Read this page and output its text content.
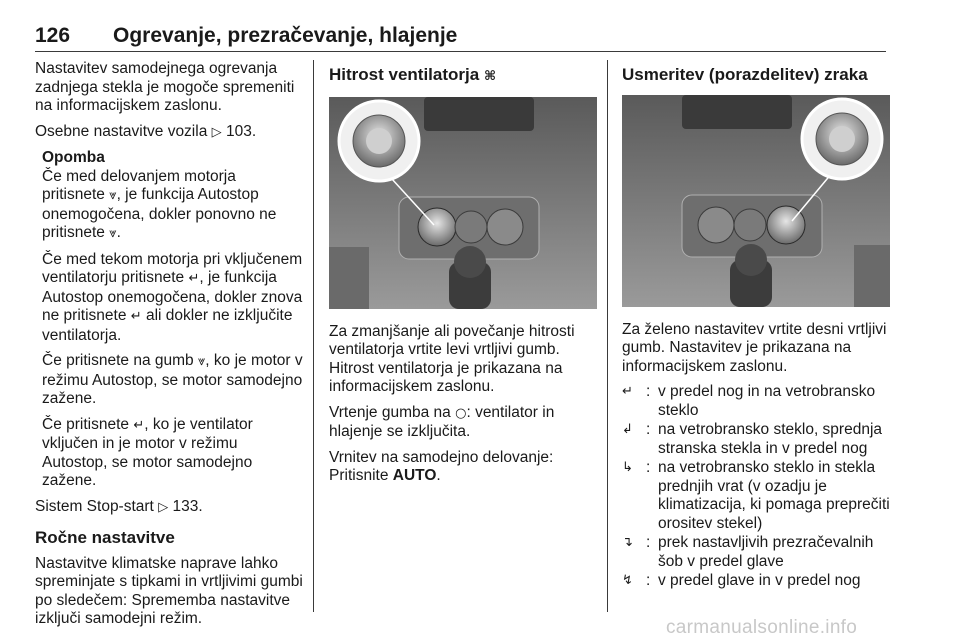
126 Ogrevanje, prezračevanje, hlajenje

Nastavitev samodejnega ogrevanja zadnjega stekla je mogoče spremeniti na informacijskem zaslonu.

Osebne nastavitve vozila ▷ 103.

Opomba

Če med delovanjem motorja pritisnete ⩔, je funkcija Autostop onemogočena, dokler ponovno ne pritisnete ⩔.

Če med tekom motorja pri vključenem ventilatorju pritisnete ↵, je funkcija Autostop onemogočena, dokler znova ne pritisnete ↵ ali dokler ne izključite ventilatorja.

Če pritisnete na gumb ⩔, ko je motor v režimu Autostop, se motor samodejno zažene.

Če pritisnete ↵, ko je ventilator vključen in je motor v režimu Autostop, se motor samodejno zažene.

Sistem Stop-start ▷ 133.

Ročne nastavitve

Nastavitve klimatske naprave lahko spreminjate s tipkami in vrtljivimi gumbi po sledečem: Sprememba nastavitve izključi samodejni režim.

Hitrost ventilatorja ⌘

Za zmanjšanje ali povečanje hitrosti ventilatorja vrtite levi vrtljivi gumb. Hitrost ventilatorja je prikazana na informacijskem zaslonu.

Vrtenje gumba na ○: ventilator in hlajenje se izključita.

Vrnitev na samodejno delovanje: Pritisnite AUTO.

Usmeritev (porazdelitev) zraka

Za želeno nastavitev vrtite desni vrtljivi gumb. Nastavitev je prikazana na informacijskem zaslonu.

↵ : v predel nog in na vetrobransko steklo
↲ : na vetrobransko steklo, sprednja stranska stekla in v predel nog
↳ : na vetrobransko steklo in stekla prednjih vrat (v ozadju je klimatizacija, ki pomaga preprečiti orositev stekel)
↴ : prek nastavljivih prezračevalnih šob v predel glave
↯ : v predel glave in v predel nog
carmanualsonline.info
